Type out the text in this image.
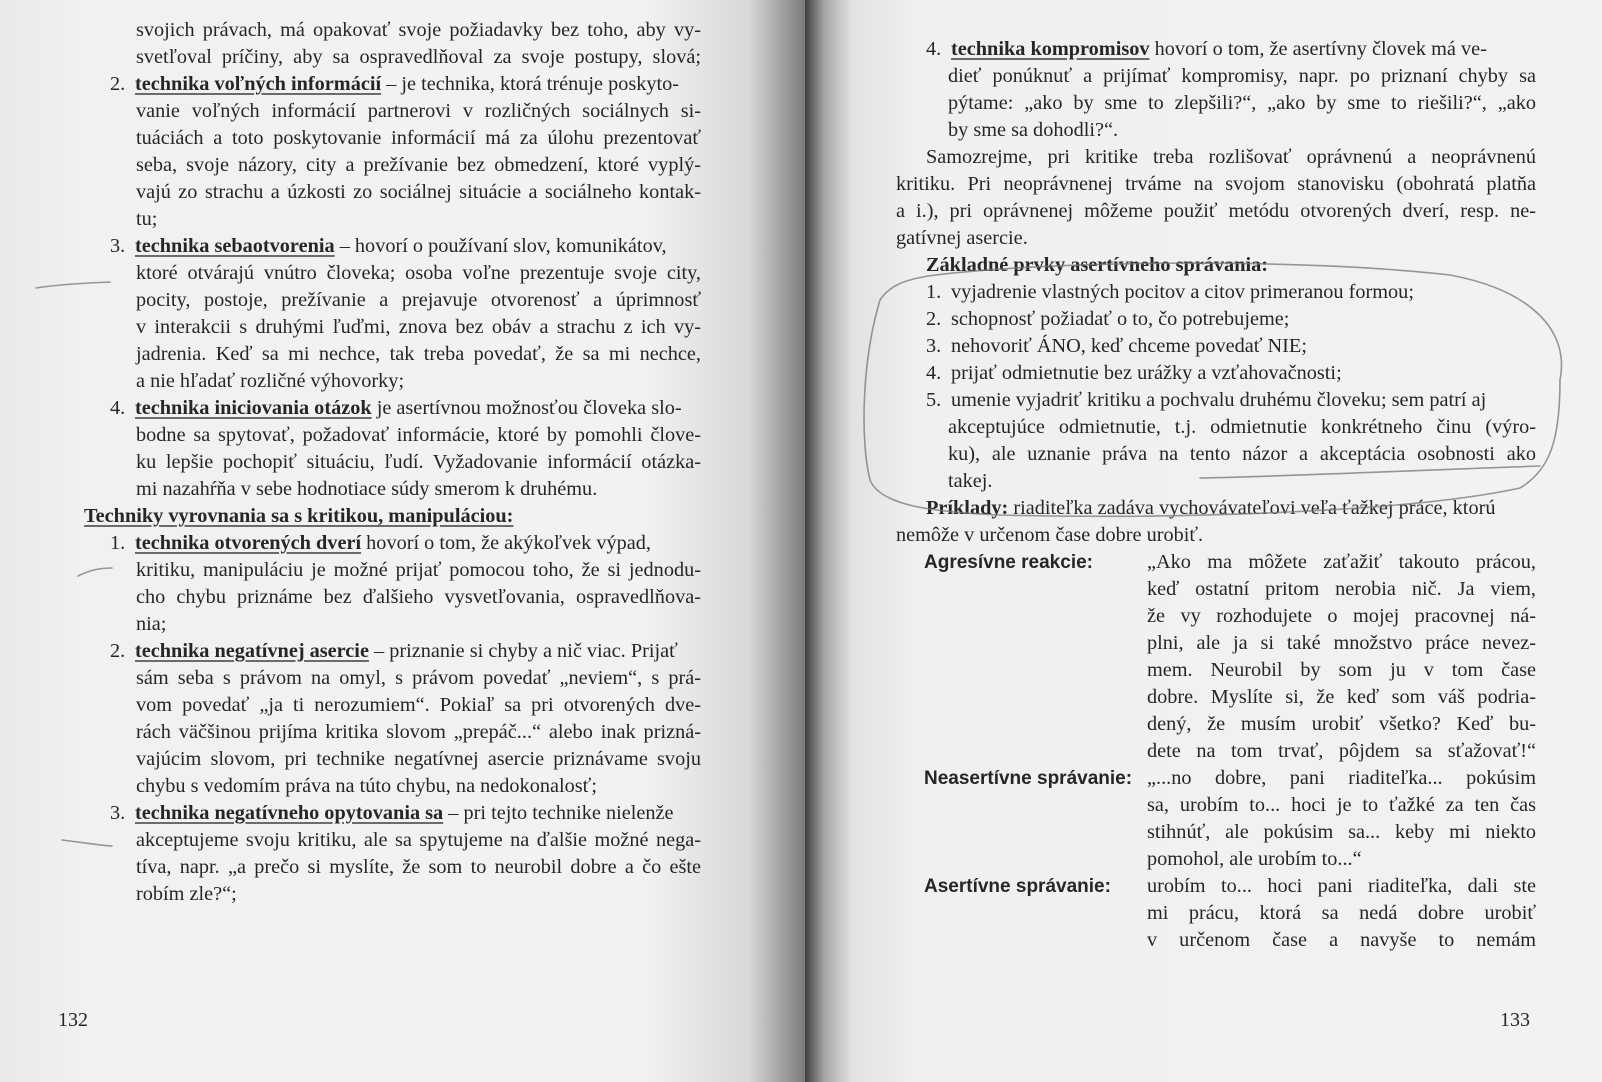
svojich právach, má opakovať svoje požiadavky bez toho, aby vy-
svetľoval príčiny, aby sa ospravedlňoval za svoje postupy, slová;
2. technika voľných informácií – je technika, ktorá trénuje poskyto-
vanie voľných informácií partnerovi v rozličných sociálnych si-
tuáciách a toto poskytovanie informácií má za úlohu prezentovať
seba, svoje názory, city a prežívanie bez obmedzení, ktoré vyplý-
vajú zo strachu a úzkosti zo sociálnej situácie a sociálneho kontak-
tu;
3. technika sebaotvorenia – hovorí o používaní slov, komunikátov,
ktoré otvárajú vnútro človeka; osoba voľne prezentuje svoje city,
pocity, postoje, prežívanie a prejavuje otvorenosť a úprimnosť
v interakcii s druhými ľuďmi, znova bez obáv a strachu z ich vy-
jadrenia. Keď sa mi nechce, tak treba povedať, že sa mi nechce,
a nie hľadať rozličné výhovorky;
4. technika iniciovania otázok je asertívnou možnosťou človeka slo-
bodne sa spytovať, požadovať informácie, ktoré by pomohli člove-
ku lepšie pochopiť situáciu, ľudí. Vyžadovanie informácií otázka-
mi nazahŕňa v sebe hodnotiace súdy smerom k druhému.
Techniky vyrovnania sa s kritikou, manipuláciou:
1. technika otvorených dverí hovorí o tom, že akýkoľvek výpad,
kritiku, manipuláciu je možné prijať pomocou toho, že si jednodu-
cho chybu priznáme bez ďalšieho vysvetľovania, ospravedlňova-
nia;
2. technika negatívnej asercie – priznanie si chyby a nič viac. Prijať
sám seba s právom na omyl, s právom povedať „neviem“, s prá-
vom povedať „ja ti nerozumiem“. Pokiaľ sa pri otvorených dve-
rách väčšinou prijíma kritika slovom „prepáč...“ alebo inak prizná-
vajúcim slovom, pri technike negatívnej asercie priznávame svoju
chybu s vedomím práva na túto chybu, na nedokonalosť;
3. technika negatívneho opytovania sa – pri tejto technike nielenže
akceptujeme svoju kritiku, ale sa spytujeme na ďalšie možné nega-
tíva, napr. „a prečo si myslíte, že som to neurobil dobre a čo ešte
robím zle?“;
132
4. technika kompromisov hovorí o tom, že asertívny človek má ve-
dieť ponúknuť a prijímať kompromisy, napr. po priznaní chyby sa
pýtame: „ako by sme to zlepšili?“, „ako by sme to riešili?“, „ako
by sme sa dohodli?“.
Samozrejme, pri kritike treba rozlišovať oprávnenú a neoprávnenú
kritiku. Pri neoprávnenej trváme na svojom stanovisku (obohratá platňa
a i.), pri oprávnenej môžeme použiť metódu otvorených dverí, resp. ne-
gatívnej asercie.
Základné prvky asertívneho správania:
1. vyjadrenie vlastných pocitov a citov primeranou formou;
2. schopnosť požiadať o to, čo potrebujeme;
3. nehovoriť ÁNO, keď chceme povedať NIE;
4. prijať odmietnutie bez urážky a vzťahovačnosti;
5. umenie vyjadriť kritiku a pochvalu druhému človeku; sem patrí aj
akceptujúce odmietnutie, t.j. odmietnutie konkrétneho činu (výro-
ku), ale uznanie práva na tento názor a akceptácia osobnosti ako
takej.
Príklady: riaditeľka zadáva vychovávateľovi veľa ťažkej práce, ktorú
nemôže v určenom čase dobre urobiť.
Agresívne reakcie:	„Ako ma môžete zaťažiť takouto prácou,
keď ostatní pritom nerobia nič. Ja viem,
že vy rozhodujete o mojej pracovnej ná-
plni, ale ja si také množstvo práce nevez-
mem. Neurobil by som ju v tom čase
dobre. Myslíte si, že keď som váš podria-
dený, že musím urobiť všetko? Keď bu-
dete na tom trvať, pôjdem sa sťažovať!“
Neasertívne správanie: „...no dobre, pani riaditeľka... pokúsim
sa, urobím to... hoci je to ťažké za ten čas
stihnúť, ale pokúsim sa... keby mi niekto
pomohol, ale urobím to...“
Asertívne správanie:	urobím to... hoci pani riaditeľka, dali ste
mi prácu, ktorá sa nedá dobre urobiť
v určenom čase a navyše to nemám
133
